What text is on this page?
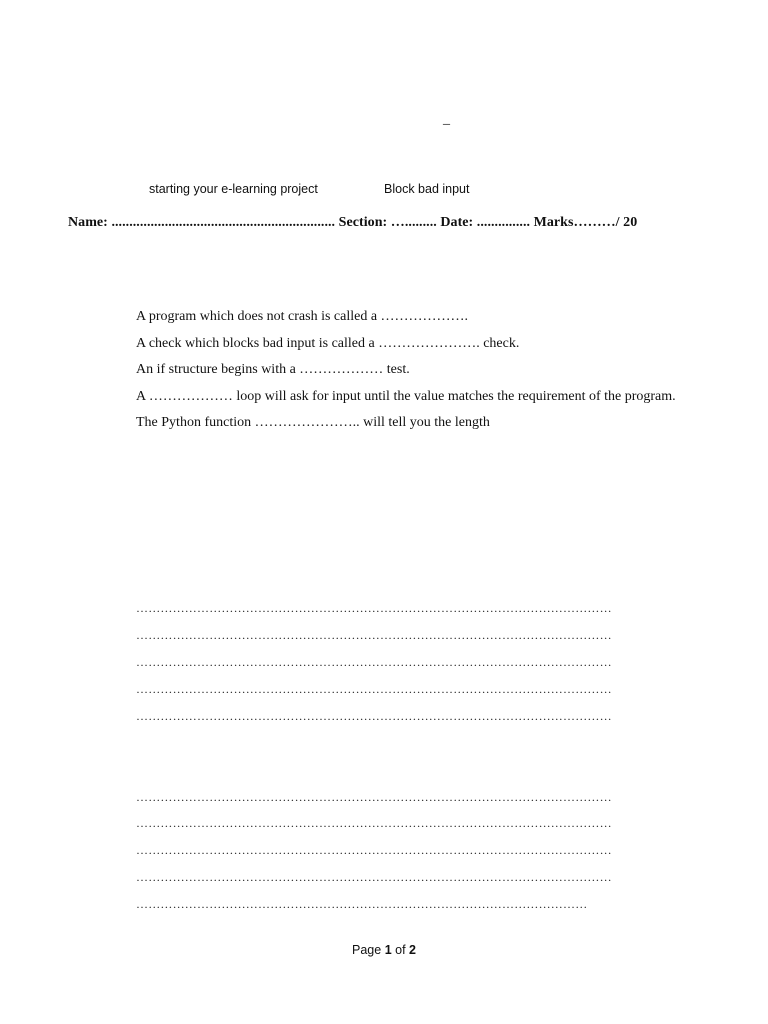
_
starting your e-learning project	Block bad input
Name: ............................................................... Section: …......... Date: ............... Marks………/ 20
A program which does not crash is called a ……………….
A check which blocks bad input is called a …………………. check.
An if structure begins with a ……………… test.
A ……………… loop will ask for input until the value matches the requirement of the program.
The Python function ………………….. will tell you the length
………………………………………………………………………………………………………
………………………………………………………………………………………………………
………………………………………………………………………………………………………
………………………………………………………………………………………………………
………………………………………………………………………………………………………
………………………………………………………………………………………………………
………………………………………………………………………………………………………
………………………………………………………………………………………………………
………………………………………………………………………………………………………
…………………………………………………………………………………………………
Page 1 of 2
